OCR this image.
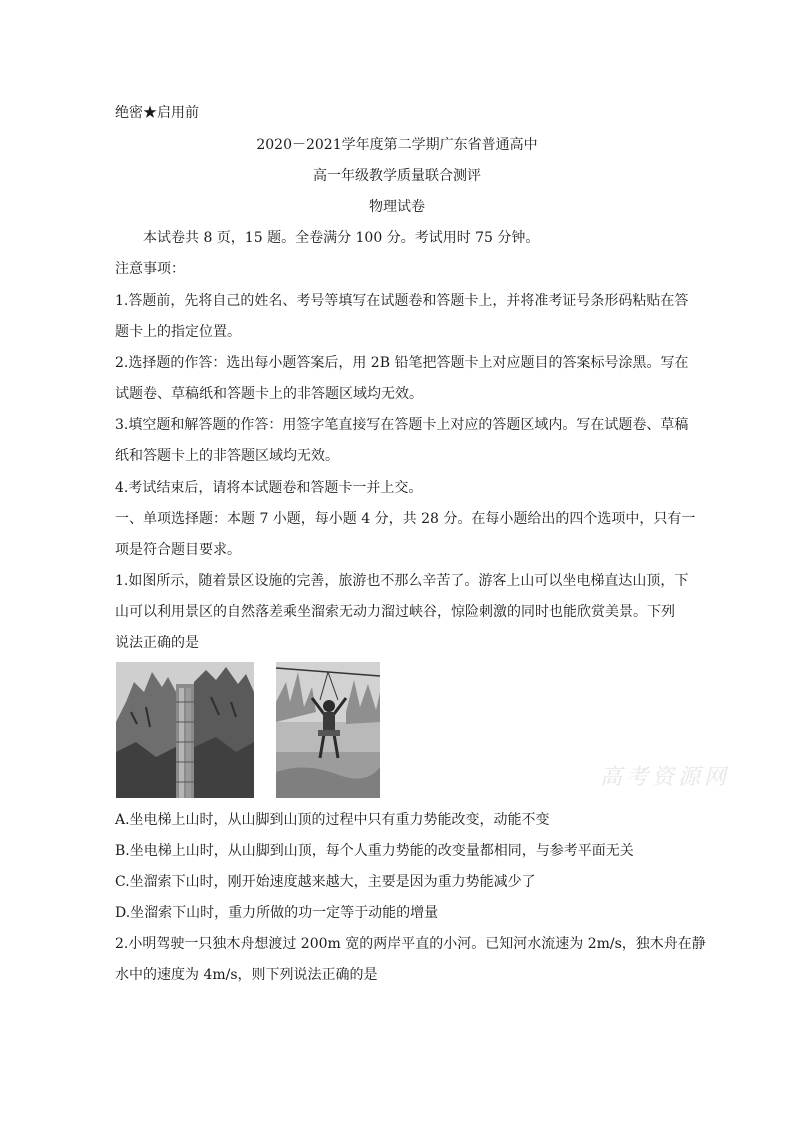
绝密★启用前
2020－2021学年度第二学期广东省普通高中
高一年级教学质量联合测评
物理试卷
本试卷共 8 页，15 题。全卷满分 100 分。考试用时 75 分钟。
注意事项：
1.答题前，先将自己的姓名、考号等填写在试题卷和答题卡上，并将准考证号条形码粘贴在答
题卡上的指定位置。
2.选择题的作答：选出每小题答案后，用 2B 铅笔把答题卡上对应题目的答案标号涂黑。写在
试题卷、草稿纸和答题卡上的非答题区域均无效。
3.填空题和解答题的作答：用签字笔直接写在答题卡上对应的答题区域内。写在试题卷、草稿
纸和答题卡上的非答题区域均无效。
4.考试结束后，请将本试题卷和答题卡一并上交。
一、单项选择题：本题 7 小题，每小题 4 分，共 28 分。在每小题给出的四个选项中，只有一
项是符合题目要求。
1.如图所示，随着景区设施的完善，旅游也不那么辛苦了。游客上山可以坐电梯直达山顶，下
山可以利用景区的自然落差乘坐溜索无动力溜过峡谷，惊险刺激的同时也能欣赏美景。下列
说法正确的是
高考资源网
A.坐电梯上山时，从山脚到山顶的过程中只有重力势能改变，动能不变
B.坐电梯上山时，从山脚到山顶，每个人重力势能的改变量都相同，与参考平面无关
C.坐溜索下山时，刚开始速度越来越大，主要是因为重力势能减少了
D.坐溜索下山时，重力所做的功一定等于动能的增量
2.小明驾驶一只独木舟想渡过 200m 宽的两岸平直的小河。已知河水流速为 2m/s，独木舟在静
水中的速度为 4m/s，则下列说法正确的是
